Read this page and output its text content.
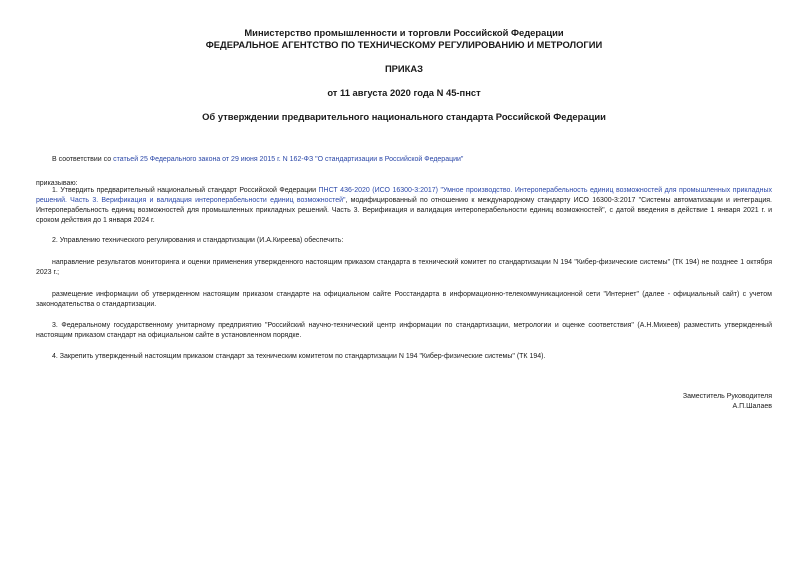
Министерство промышленности и торговли Российской Федерации
ФЕДЕРАЛЬНОЕ АГЕНТСТВО ПО ТЕХНИЧЕСКОМУ РЕГУЛИРОВАНИЮ И МЕТРОЛОГИИ
ПРИКАЗ
от 11 августа 2020 года N 45-пнст
Об утверждении предварительного национального стандарта Российской Федерации

В соответствии со статьей 25 Федерального закона от 29 июня 2015 г. N 162-ФЗ "О стандартизации в Российской Федерации"

приказываю:

1. Утвердить предварительный национальный стандарт Российской Федерации ПНСТ 436-2020 (ИСО 16300-3:2017) "Умное производство. Интероперабельность единиц возможностей для промышленных прикладных решений. Часть 3. Верификация и валидация интероперабельности единиц возможностей", модифицированный по отношению к международному стандарту ИСО 16300-3:2017 "Системы автоматизации и интеграция. Интероперабельность единиц возможностей для промышленных прикладных решений. Часть 3. Верификация и валидация интероперабельности единиц возможностей", с датой введения в действие 1 января 2021 г. и сроком действия до 1 января 2024 г.

2. Управлению технического регулирования и стандартизации (И.А.Киреева) обеспечить:

направление результатов мониторинга и оценки применения утвержденного настоящим приказом стандарта в технический комитет по стандартизации N 194 "Кибер-физические системы" (ТК 194) не позднее 1 октября 2023 г.;

размещение информации об утвержденном настоящим приказом стандарте на официальном сайте Росстандарта в информационно-телекоммуникационной сети "Интернет" (далее - официальный сайт) с учетом законодательства о стандартизации.

3. Федеральному государственному унитарному предприятию "Российский научно-технический центр информации по стандартизации, метрологии и оценке соответствия" (А.Н.Михеев) разместить утвержденный настоящим приказом стандарт на официальном сайте в установленном порядке.

4. Закрепить утвержденный настоящим приказом стандарт за техническим комитетом по стандартизации N 194 "Кибер-физические системы" (ТК 194).

Заместитель Руководителя
А.П.Шалаев
